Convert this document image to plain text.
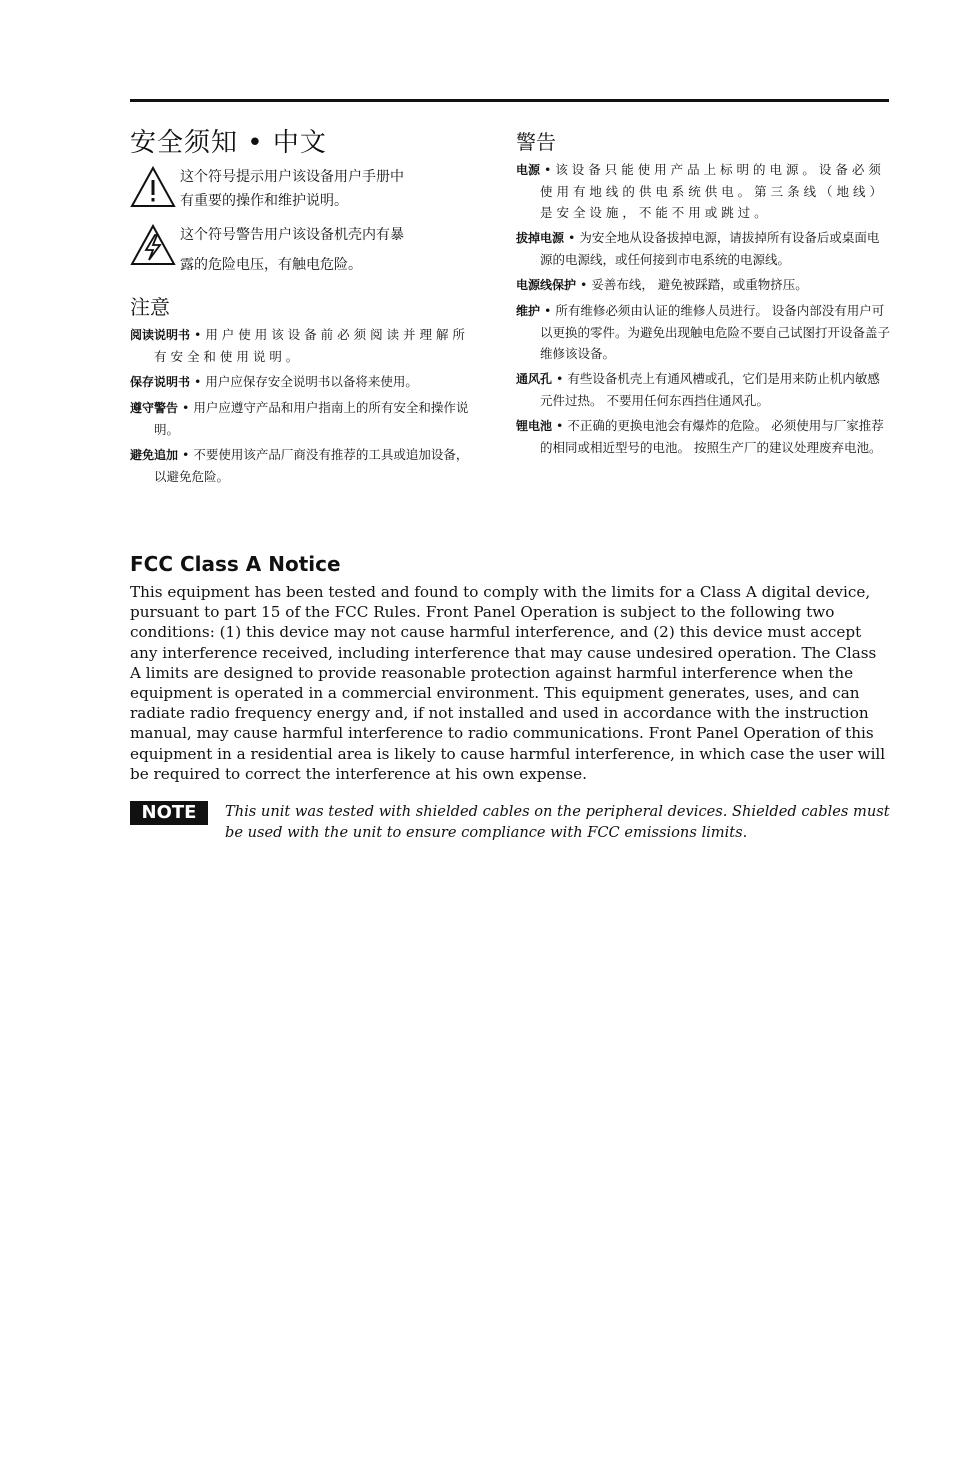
安全须知 • 中文
这个符号提示用户该设备用户手册中
有重要的操作和维护说明。
这个符号警告用户该设备机壳内有暴
露的危险电压，有触电危险。
注意
阅读说明书 • 用 户 使 用 该 设 备 前 必 须 阅 读 并 理 解 所 有 安 全 和 使 用 说 明 。
保存说明书 • 用户应保存安全说明书以备将来使用。
遵守警告 • 用户应遵守产品和用户指南上的所有安全和操作说明。
避免追加 • 不要使用该产品厂商没有推荐的工具或追加设备，以避免危险。
警告
电源 • 该 设 备 只 能 使 用 产 品 上 标 明 的 电 源 。 设 备 必 须 使 用 有 地 线 的 供 电 系 统 供 电 。 第 三 条 线 （ 地 线 ） 是 安 全 设 施 ， 不 能 不 用 或 跳 过 。
拔掉电源 • 为安全地从设备拔掉电源，请拔掉所有设备后或桌面电源的电源线，或任何接到市电系统的电源线。
电源线保护 • 妥善布线， 避免被踩踏，或重物挤压。
维护 • 所有维修必须由认证的维修人员进行。 设备内部没有用户可以更换的零件。为避免出现触电危险不要自己试图打开设备盖子维修该设备。
通风孔 • 有些设备机壳上有通风槽或孔，它们是用来防止机内敏感元件过热。 不要用任何东西挡住通风孔。
锂电池 • 不正确的更换电池会有爆炸的危险。 必须使用与厂家推荐的相同或相近型号的电池。 按照生产厂的建议处理废弃电池。
FCC Class A Notice

This equipment has been tested and found to comply with the limits for a Class A digital device, pursuant to part 15 of the FCC Rules. Front Panel Operation is subject to the following two conditions: (1) this device may not cause harmful interference, and (2) this device must accept any interference received, including interference that may cause undesired operation. The Class A limits are designed to provide reasonable protection against harmful interference when the equipment is operated in a commercial environment. This equipment generates, uses, and can radiate radio frequency energy and, if not installed and used in accordance with the instruction manual, may cause harmful interference to radio communications. Front Panel Operation of this equipment in a residential area is likely to cause harmful interference, in which case the user will be required to correct the interference at his own expense.

NOTE	This unit was tested with shielded cables on the peripheral devices. Shielded cables must be used with the unit to ensure compliance with FCC emissions limits.
